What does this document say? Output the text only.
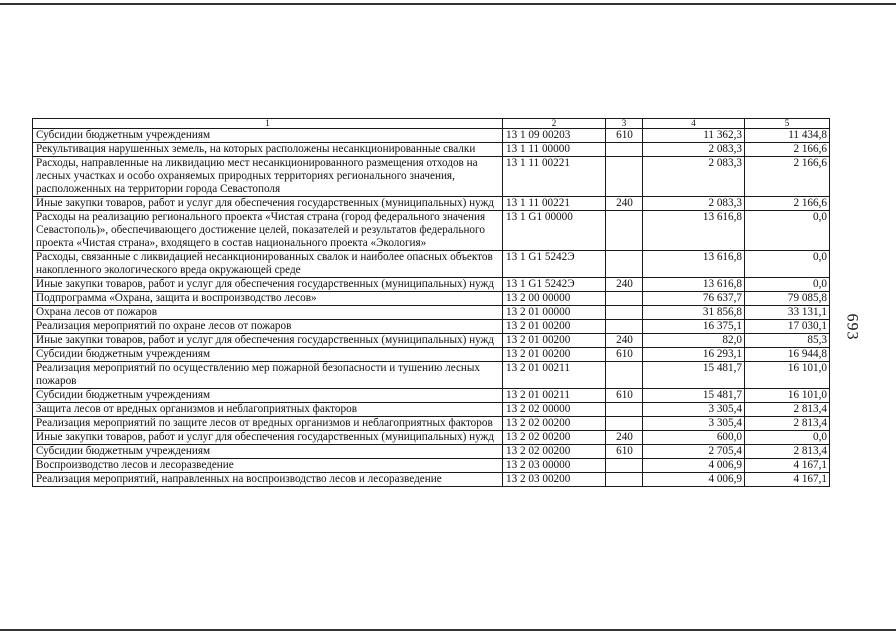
1	2	3	4	5
Субсидии бюджетным учреждениям	13 1 09 00203	610	11 362,3	11 434,8
Рекультивация нарушенных земель, на которых расположены несанкционированные свалки	13 1 11 00000		2 083,3	2 166,6
Расходы, направленные на ликвидацию мест несанкционированного размещения отходов на лесных участках и особо охраняемых природных территориях регионального значения, расположенных на территории города Севастополя	13 1 11 00221		2 083,3	2 166,6
Иные закупки товаров, работ и услуг для обеспечения государственных (муниципальных) нужд	13 1 11 00221	240	2 083,3	2 166,6
Расходы на реализацию регионального проекта «Чистая страна (город федерального значения Севастополь)», обеспечивающего достижение целей, показателей и результатов федерального проекта «Чистая страна», входящего в состав национального проекта «Экология»	13 1 G1 00000		13 616,8	0,0
Расходы, связанные с ликвидацией несанкционированных свалок и наиболее опасных объектов накопленного экологического вреда окружающей среде	13 1 G1 5242Э		13 616,8	0,0
Иные закупки товаров, работ и услуг для обеспечения государственных (муниципальных) нужд	13 1 G1 5242Э	240	13 616,8	0,0
Подпрограмма «Охрана, защита и воспроизводство лесов»	13 2 00 00000		76 637,7	79 085,8
Охрана лесов от пожаров	13 2 01 00000		31 856,8	33 131,1
Реализация мероприятий по охране лесов от пожаров	13 2 01 00200		16 375,1	17 030,1
Иные закупки товаров, работ и услуг для обеспечения государственных (муниципальных) нужд	13 2 01 00200	240	82,0	85,3
Субсидии бюджетным учреждениям	13 2 01 00200	610	16 293,1	16 944,8
Реализация мероприятий по осуществлению мер пожарной безопасности и тушению лесных пожаров	13 2 01 00211		15 481,7	16 101,0
Субсидии бюджетным учреждениям	13 2 01 00211	610	15 481,7	16 101,0
Защита лесов от вредных организмов и неблагоприятных факторов	13 2 02 00000		3 305,4	2 813,4
Реализация мероприятий по защите лесов от вредных организмов и неблагоприятных факторов	13 2 02 00200		3 305,4	2 813,4
Иные закупки товаров, работ и услуг для обеспечения государственных (муниципальных) нужд	13 2 02 00200	240	600,0	0,0
Субсидии бюджетным учреждениям	13 2 02 00200	610	2 705,4	2 813,4
Воспроизводство лесов и лесоразведение	13 2 03 00000		4 006,9	4 167,1
Реализация мероприятий, направленных на воспроизводство лесов и лесоразведение	13 2 03 00200		4 006,9	4 167,1
693
